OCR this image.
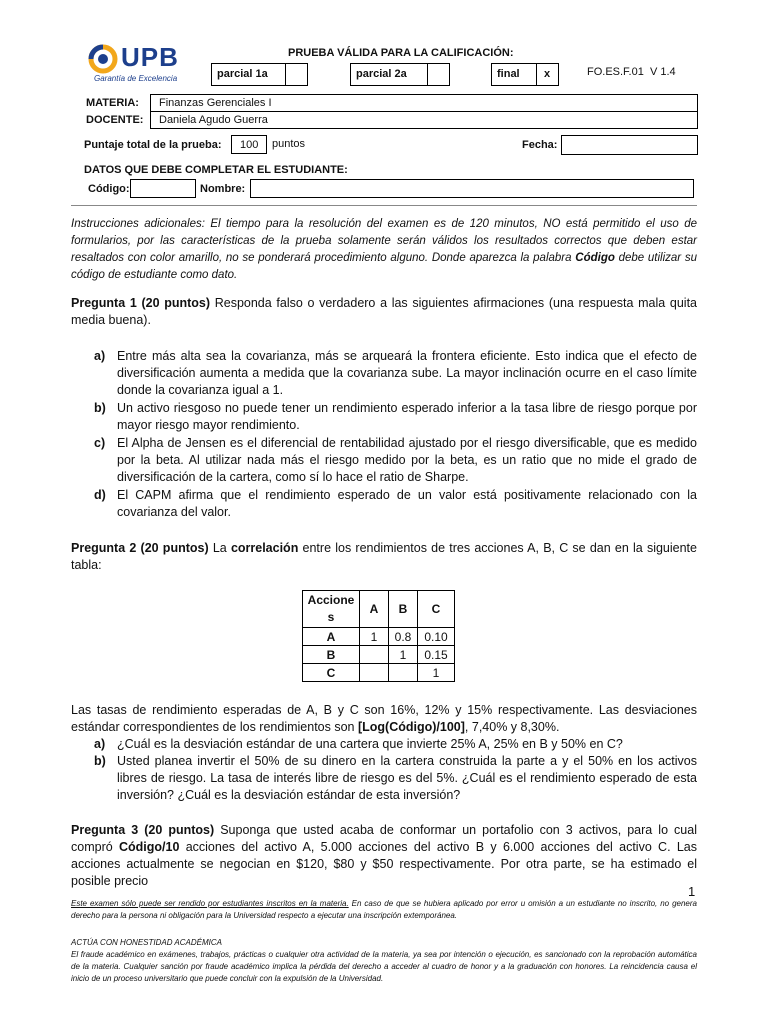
UPB
Garantía de Excelencia
PRUEBA VÁLIDA PARA LA CALIFICACIÓN:
parcial 1a	parcial 2a	final x	FO.ES.F.01  V 1.4
MATERIA: Finanzas Gerenciales I
DOCENTE: Daniela Agudo Guerra
Puntaje total de la prueba: 100 puntos	Fecha:
DATOS QUE DEBE COMPLETAR EL ESTUDIANTE:
Código:	Nombre:
Instrucciones adicionales: El tiempo para la resolución del examen es de 120 minutos, NO está permitido el uso de formularios, por las características de la prueba solamente serán válidos los resultados correctos que deben estar resaltados con color amarillo, no se ponderará procedimiento alguno. Donde aparezca la palabra Código debe utilizar su código de estudiante como dato.
Pregunta 1 (20 puntos) Responda falso o verdadero a las siguientes afirmaciones (una respuesta mala quita media buena).
a) Entre más alta sea la covarianza, más se arqueará la frontera eficiente. Esto indica que el efecto de diversificación aumenta a medida que la covarianza sube. La mayor inclinación ocurre en el caso límite donde la covarianza igual a 1.
b) Un activo riesgoso no puede tener un rendimiento esperado inferior a la tasa libre de riesgo porque por mayor riesgo mayor rendimiento.
c) El Alpha de Jensen es el diferencial de rentabilidad ajustado por el riesgo diversificable, que es medido por la beta. Al utilizar nada más el riesgo medido por la beta, es un ratio que no mide el grado de diversificación de la cartera, como sí lo hace el ratio de Sharpe.
d) El CAPM afirma que el rendimiento esperado de un valor está positivamente relacionado con la covarianza del valor.
Pregunta 2 (20 puntos) La correlación entre los rendimientos de tres acciones A, B, C se dan en la siguiente tabla:
Acciones	A	B	C
A	1	0.8	0.10
B		1	0.15
C			1
Las tasas de rendimiento esperadas de A, B y C son 16%, 12% y 15% respectivamente. Las desviaciones estándar correspondientes de los rendimientos son [Log(Código)/100], 7,40% y 8,30%.
a) ¿Cuál es la desviación estándar de una cartera que invierte 25% A, 25% en B y 50% en C?
b) Usted planea invertir el 50% de su dinero en la cartera construida la parte a y el 50% en los activos libres de riesgo. La tasa de interés libre de riesgo es del 5%. ¿Cuál es el rendimiento esperado de esta inversión? ¿Cuál es la desviación estándar de esta inversión?
Pregunta 3 (20 puntos) Suponga que usted acaba de conformar un portafolio con 3 activos, para lo cual compró Código/10 acciones del activo A, 5.000 acciones del activo B y 6.000 acciones del activo C. Las acciones actualmente se negocian en $120, $80 y $50 respectivamente. Por otra parte, se ha estimado el posible precio
1
Este examen sólo puede ser rendido por estudiantes inscritos en la materia. En caso de que se hubiera aplicado por error u omisión a un estudiante no inscrito, no genera derecho para la persona ni obligación para la Universidad respecto a ejecutar una inscripción extemporánea.
ACTÚA CON HONESTIDAD ACADÉMICA
El fraude académico en exámenes, trabajos, prácticas o cualquier otra actividad de la materia, ya sea por intención o ejecución, es sancionado con la reprobación automática de la materia. Cualquier sanción por fraude académico implica la pérdida del derecho a acceder al cuadro de honor y a la graduación con honores. La reincidencia causa el inicio de un proceso universitario que puede concluir con la expulsión de la Universidad.
